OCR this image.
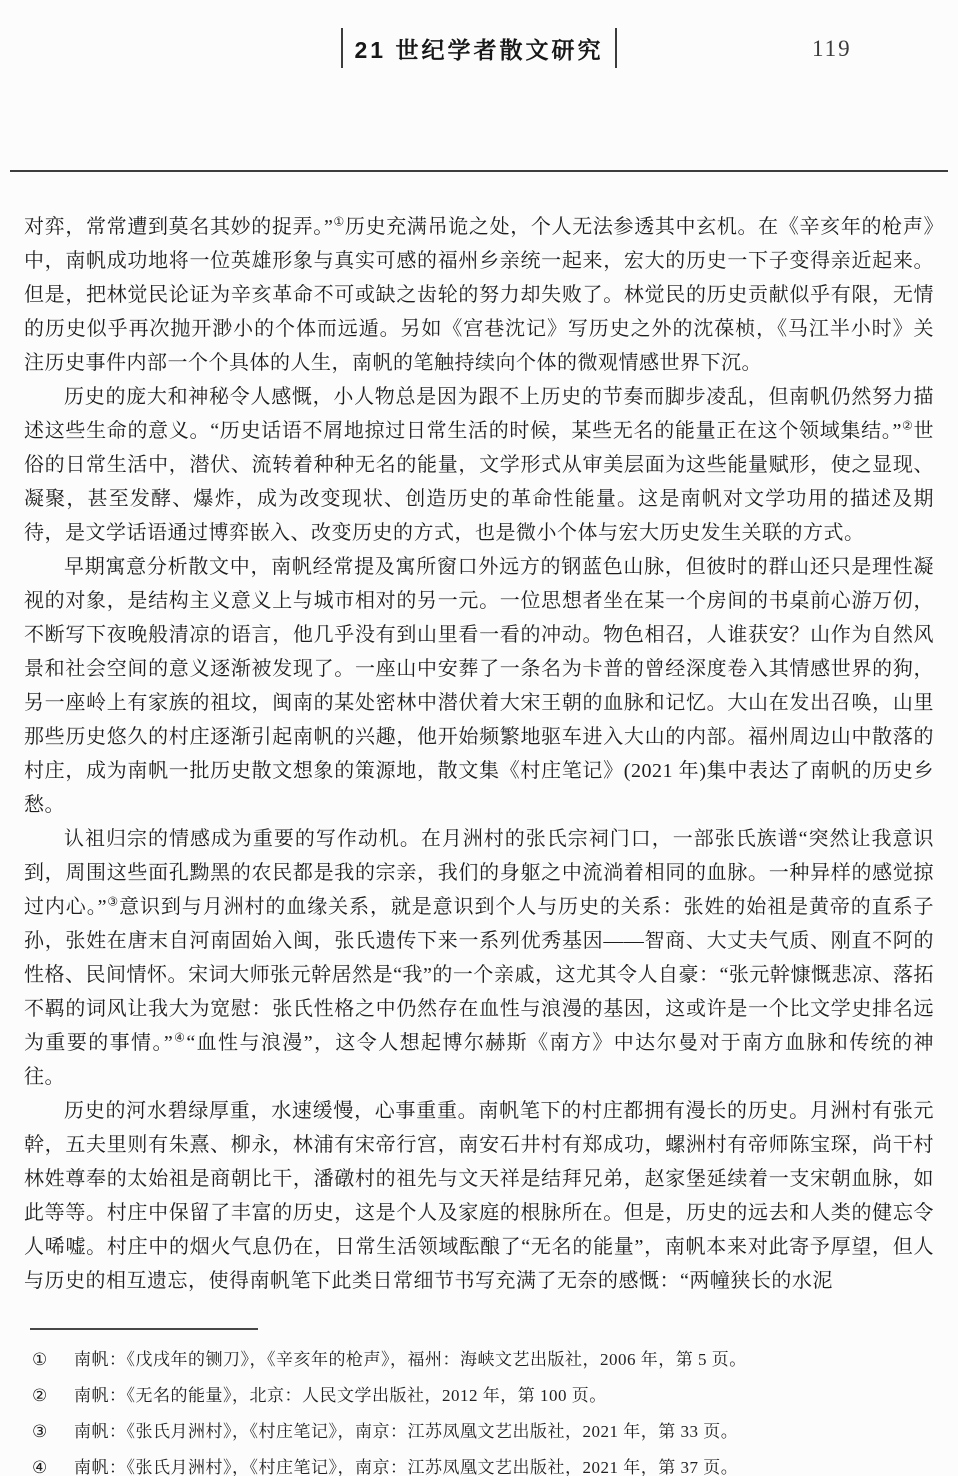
21 世纪学者散文研究	119

对弈，常常遭到莫名其妙的捉弄。”①历史充满吊诡之处，个人无法参透其中玄机。在《辛亥年的枪声》中，南帆成功地将一位英雄形象与真实可感的福州乡亲统一起来，宏大的历史一下子变得亲近起来。但是，把林觉民论证为辛亥革命不可或缺之齿轮的努力却失败了。林觉民的历史贡献似乎有限，无情的历史似乎再次抛开渺小的个体而远遁。另如《宫巷沈记》写历史之外的沈葆桢，《马江半小时》关注历史事件内部一个个具体的人生，南帆的笔触持续向个体的微观情感世界下沉。

历史的庞大和神秘令人感慨，小人物总是因为跟不上历史的节奏而脚步凌乱，但南帆仍然努力描述这些生命的意义。“历史话语不屑地掠过日常生活的时候，某些无名的能量正在这个领域集结。”②世俗的日常生活中，潜伏、流转着种种无名的能量，文学形式从审美层面为这些能量赋形，使之显现、凝聚，甚至发酵、爆炸，成为改变现状、创造历史的革命性能量。这是南帆对文学功用的描述及期待，是文学话语通过博弈嵌入、改变历史的方式，也是微小个体与宏大历史发生关联的方式。

早期寓意分析散文中，南帆经常提及寓所窗口外远方的钢蓝色山脉，但彼时的群山还只是理性凝视的对象，是结构主义意义上与城市相对的另一元。一位思想者坐在某一个房间的书桌前心游万仞，不断写下夜晚般清凉的语言，他几乎没有到山里看一看的冲动。物色相召，人谁获安？山作为自然风景和社会空间的意义逐渐被发现了。一座山中安葬了一条名为卡普的曾经深度卷入其情感世界的狗，另一座岭上有家族的祖坟，闽南的某处密林中潜伏着大宋王朝的血脉和记忆。大山在发出召唤，山里那些历史悠久的村庄逐渐引起南帆的兴趣，他开始频繁地驱车进入大山的内部。福州周边山中散落的村庄，成为南帆一批历史散文想象的策源地，散文集《村庄笔记》(2021 年)集中表达了南帆的历史乡愁。

认祖归宗的情感成为重要的写作动机。在月洲村的张氏宗祠门口，一部张氏族谱“突然让我意识到，周围这些面孔黝黑的农民都是我的宗亲，我们的身躯之中流淌着相同的血脉。一种异样的感觉掠过内心。”③意识到与月洲村的血缘关系，就是意识到个人与历史的关系：张姓的始祖是黄帝的直系子孙，张姓在唐末自河南固始入闽，张氏遗传下来一系列优秀基因——智商、大丈夫气质、刚直不阿的性格、民间情怀。宋词大师张元幹居然是“我”的一个亲戚，这尤其令人自豪：“张元幹慷慨悲凉、落拓不羁的词风让我大为宽慰：张氏性格之中仍然存在血性与浪漫的基因，这或许是一个比文学史排名远为重要的事情。”④“血性与浪漫”，这令人想起博尔赫斯《南方》中达尔曼对于南方血脉和传统的神往。

历史的河水碧绿厚重，水速缓慢，心事重重。南帆笔下的村庄都拥有漫长的历史。月洲村有张元幹，五夫里则有朱熹、柳永，林浦有宋帝行宫，南安石井村有郑成功，螺洲村有帝师陈宝琛，尚干村林姓尊奉的太始祖是商朝比干，潘礅村的祖先与文天祥是结拜兄弟，赵家堡延续着一支宋朝血脉，如此等等。村庄中保留了丰富的历史，这是个人及家庭的根脉所在。但是，历史的远去和人类的健忘令人唏嘘。村庄中的烟火气息仍在，日常生活领域酝酿了“无名的能量”，南帆本来对此寄予厚望，但人与历史的相互遗忘，使得南帆笔下此类日常细节书写充满了无奈的感慨：“两幢狭长的水泥

①	南帆：《戊戌年的铡刀》，《辛亥年的枪声》，福州：海峡文艺出版社，2006 年，第 5 页。
②	南帆：《无名的能量》，北京：人民文学出版社，2012 年，第 100 页。
③	南帆：《张氏月洲村》，《村庄笔记》，南京：江苏凤凰文艺出版社，2021 年，第 33 页。
④	南帆：《张氏月洲村》，《村庄笔记》，南京：江苏凤凰文艺出版社，2021 年，第 37 页。
